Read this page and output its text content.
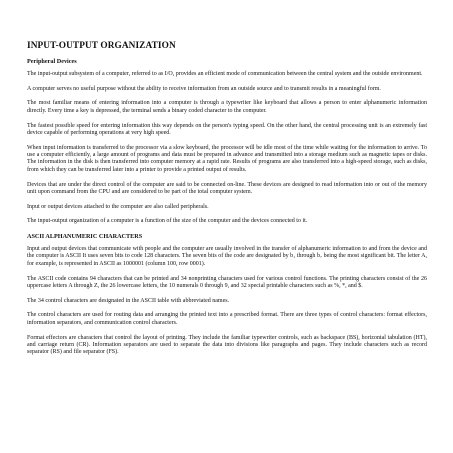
INPUT-OUTPUT ORGANIZATION
Peripheral Devices

The input-output subsystem of a computer, referred to as I/O, provides an efficient mode of communication between the central system and the outside environment.

A computer serves no useful purpose without the ability to receive information from an outside source and to transmit results in a meaningful form.

The most familiar means of entering information into a computer is through a typewriter like keyboard that allows a person to enter alphanumeric information directly. Every time a key is depressed, the terminal sends a binary coded character to the computer.

The fastest possible speed for entering information this way depends on the person's typing speed. On the other hand, the central processing unit is an extremely fast device capable of performing operations at very high speed.

When input information is transferred to the processor via a slow keyboard, the processor will be idle most of the time while waiting for the information to arrive. To use a computer efficiently, a large amount of programs and data must be prepared in advance and transmitted into a storage medium such as magnetic tapes or disks. The information in the disk is then transferred into computer memory at a rapid rate. Results of programs are also transferred into a high-speed storage, such as disks, from which they can be transferred later into a printer to provide a printed output of results.

Devices that are under the direct control of the computer are said to be connected on-line. These devices are designed to read information into or out of the memory unit upon command from the CPU and are considered to be part of the total computer system.

Input or output devices attached to the computer are also called peripherals.

The input-output organization of a computer is a function of the size of the computer and the devices connected to it.

ASCII ALPHANUMERIC CHARACTERS

Input and output devices that communicate with people and the computer are usually involved in the transfer of alphanumeric information to and from the device and the computer is ASCII It uses seven bits to code 128 characters. The seven bits of the code are designated by b₁ through b₇ being the most significant bit. The letter A, for example, is represented in ASCII as 1000001 (column 100, row 0001).

The ASCII code contains 94 characters that can be printed and 34 nonprinting characters used for various control functions. The printing characters consist of the 26 uppercase letters A through Z, the 26 lowercase letters, the 10 numerals 0 through 9, and 32 special printable characters such as %, *, and $.

The 34 control characters are designated in the ASCII table with abbreviated names.

The control characters are used for routing data and arranging the printed text into a prescribed format. There are three types of control characters: format effectors, information separators, and communication control characters.

Format effectors are characters that control the layout of printing. They include the familiar typewriter controls, such as backspace (BS), horizontal tabulation (HT), and carriage return (CR). Information separators are used to separate the data into divisions like paragraphs and pages. They include characters such as record separator (RS) and file separator (FS).
